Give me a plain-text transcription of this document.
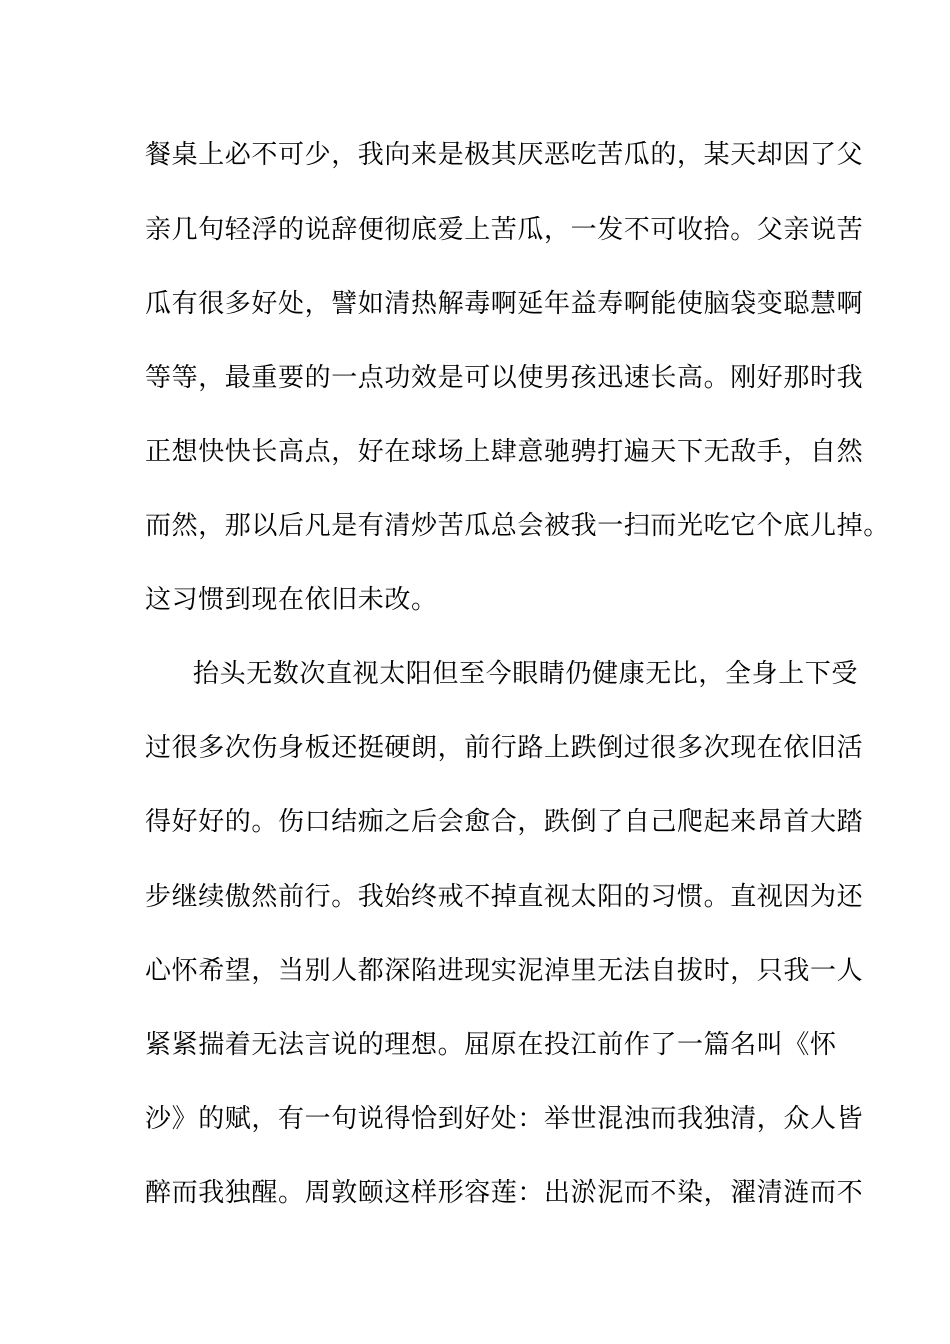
餐桌上必不可少，我向来是极其厌恶吃苦瓜的，某天却因了父
亲几句轻浮的说辞便彻底爱上苦瓜，一发不可收拾。父亲说苦
瓜有很多好处，譬如清热解毒啊延年益寿啊能使脑袋变聪慧啊
等等，最重要的一点功效是可以使男孩迅速长高。刚好那时我
正想快快长高点，好在球场上肆意驰骋打遍天下无敌手，自然
而然，那以后凡是有清炒苦瓜总会被我一扫而光吃它个底儿掉。
这习惯到现在依旧未改。
抬头无数次直视太阳但至今眼睛仍健康无比，全身上下受
过很多次伤身板还挺硬朗，前行路上跌倒过很多次现在依旧活
得好好的。伤口结痂之后会愈合，跌倒了自己爬起来昂首大踏
步继续傲然前行。我始终戒不掉直视太阳的习惯。直视因为还
心怀希望，当别人都深陷进现实泥淖里无法自拔时，只我一人
紧紧揣着无法言说的理想。屈原在投江前作了一篇名叫《怀
沙》的赋，有一句说得恰到好处：举世混浊而我独清，众人皆
醉而我独醒。周敦颐这样形容莲：出淤泥而不染，濯清涟而不
